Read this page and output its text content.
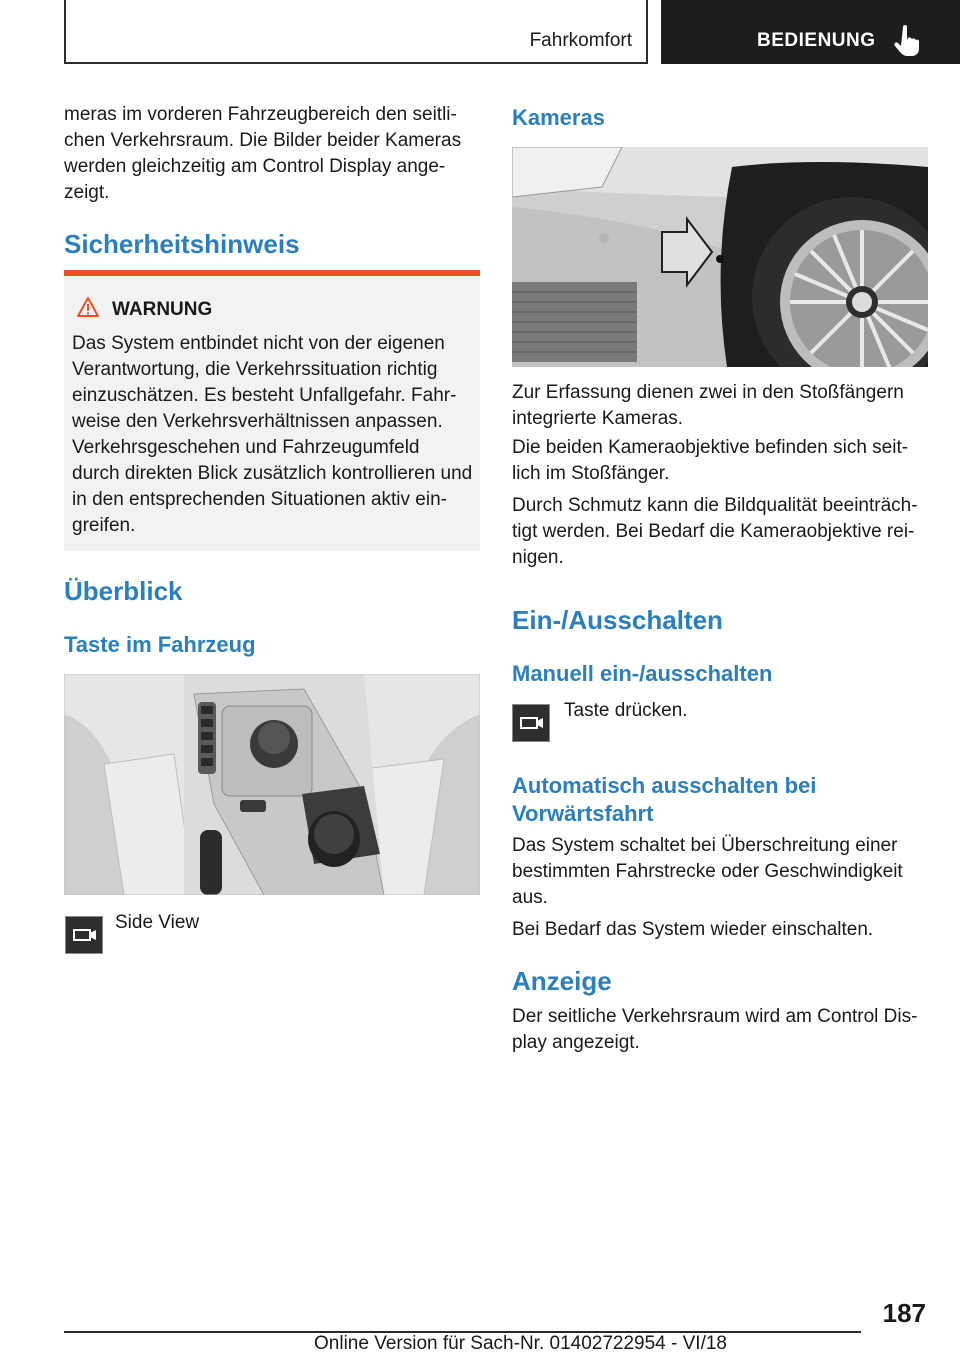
Fahrkomfort	BEDIENUNG

meras im vorderen Fahrzeugbereich den seitli-
chen Verkehrsraum. Die Bilder beider Kameras
werden gleichzeitig am Control Display ange-
zeigt.

Sicherheitshinweis
WARNUNG

Das System entbindet nicht von der eigenen
Verantwortung, die Verkehrssituation richtig
einzuschätzen. Es besteht Unfallgefahr. Fahr-
weise den Verkehrsverhältnissen anpassen.
Verkehrsgeschehen und Fahrzeugumfeld
durch direkten Blick zusätzlich kontrollieren und
in den entsprechenden Situationen aktiv ein-
greifen.

Überblick
Taste im Fahrzeug
Side View
Kameras

Zur Erfassung dienen zwei in den Stoßfängern
integrierte Kameras.

Die beiden Kameraobjektive befinden sich seit-
lich im Stoßfänger.

Durch Schmutz kann die Bildqualität beeinträch-
tigt werden. Bei Bedarf die Kameraobjektive rei-
nigen.

Ein-/Ausschalten
Manuell ein-/ausschalten
Taste drücken.
Automatisch ausschalten bei
Vorwärtsfahrt

Das System schaltet bei Überschreitung einer
bestimmten Fahrstrecke oder Geschwindigkeit
aus.

Bei Bedarf das System wieder einschalten.

Anzeige

Der seitliche Verkehrsraum wird am Control Dis-
play angezeigt.

187
Online Version für Sach-Nr. 01402722954 - VI/18
